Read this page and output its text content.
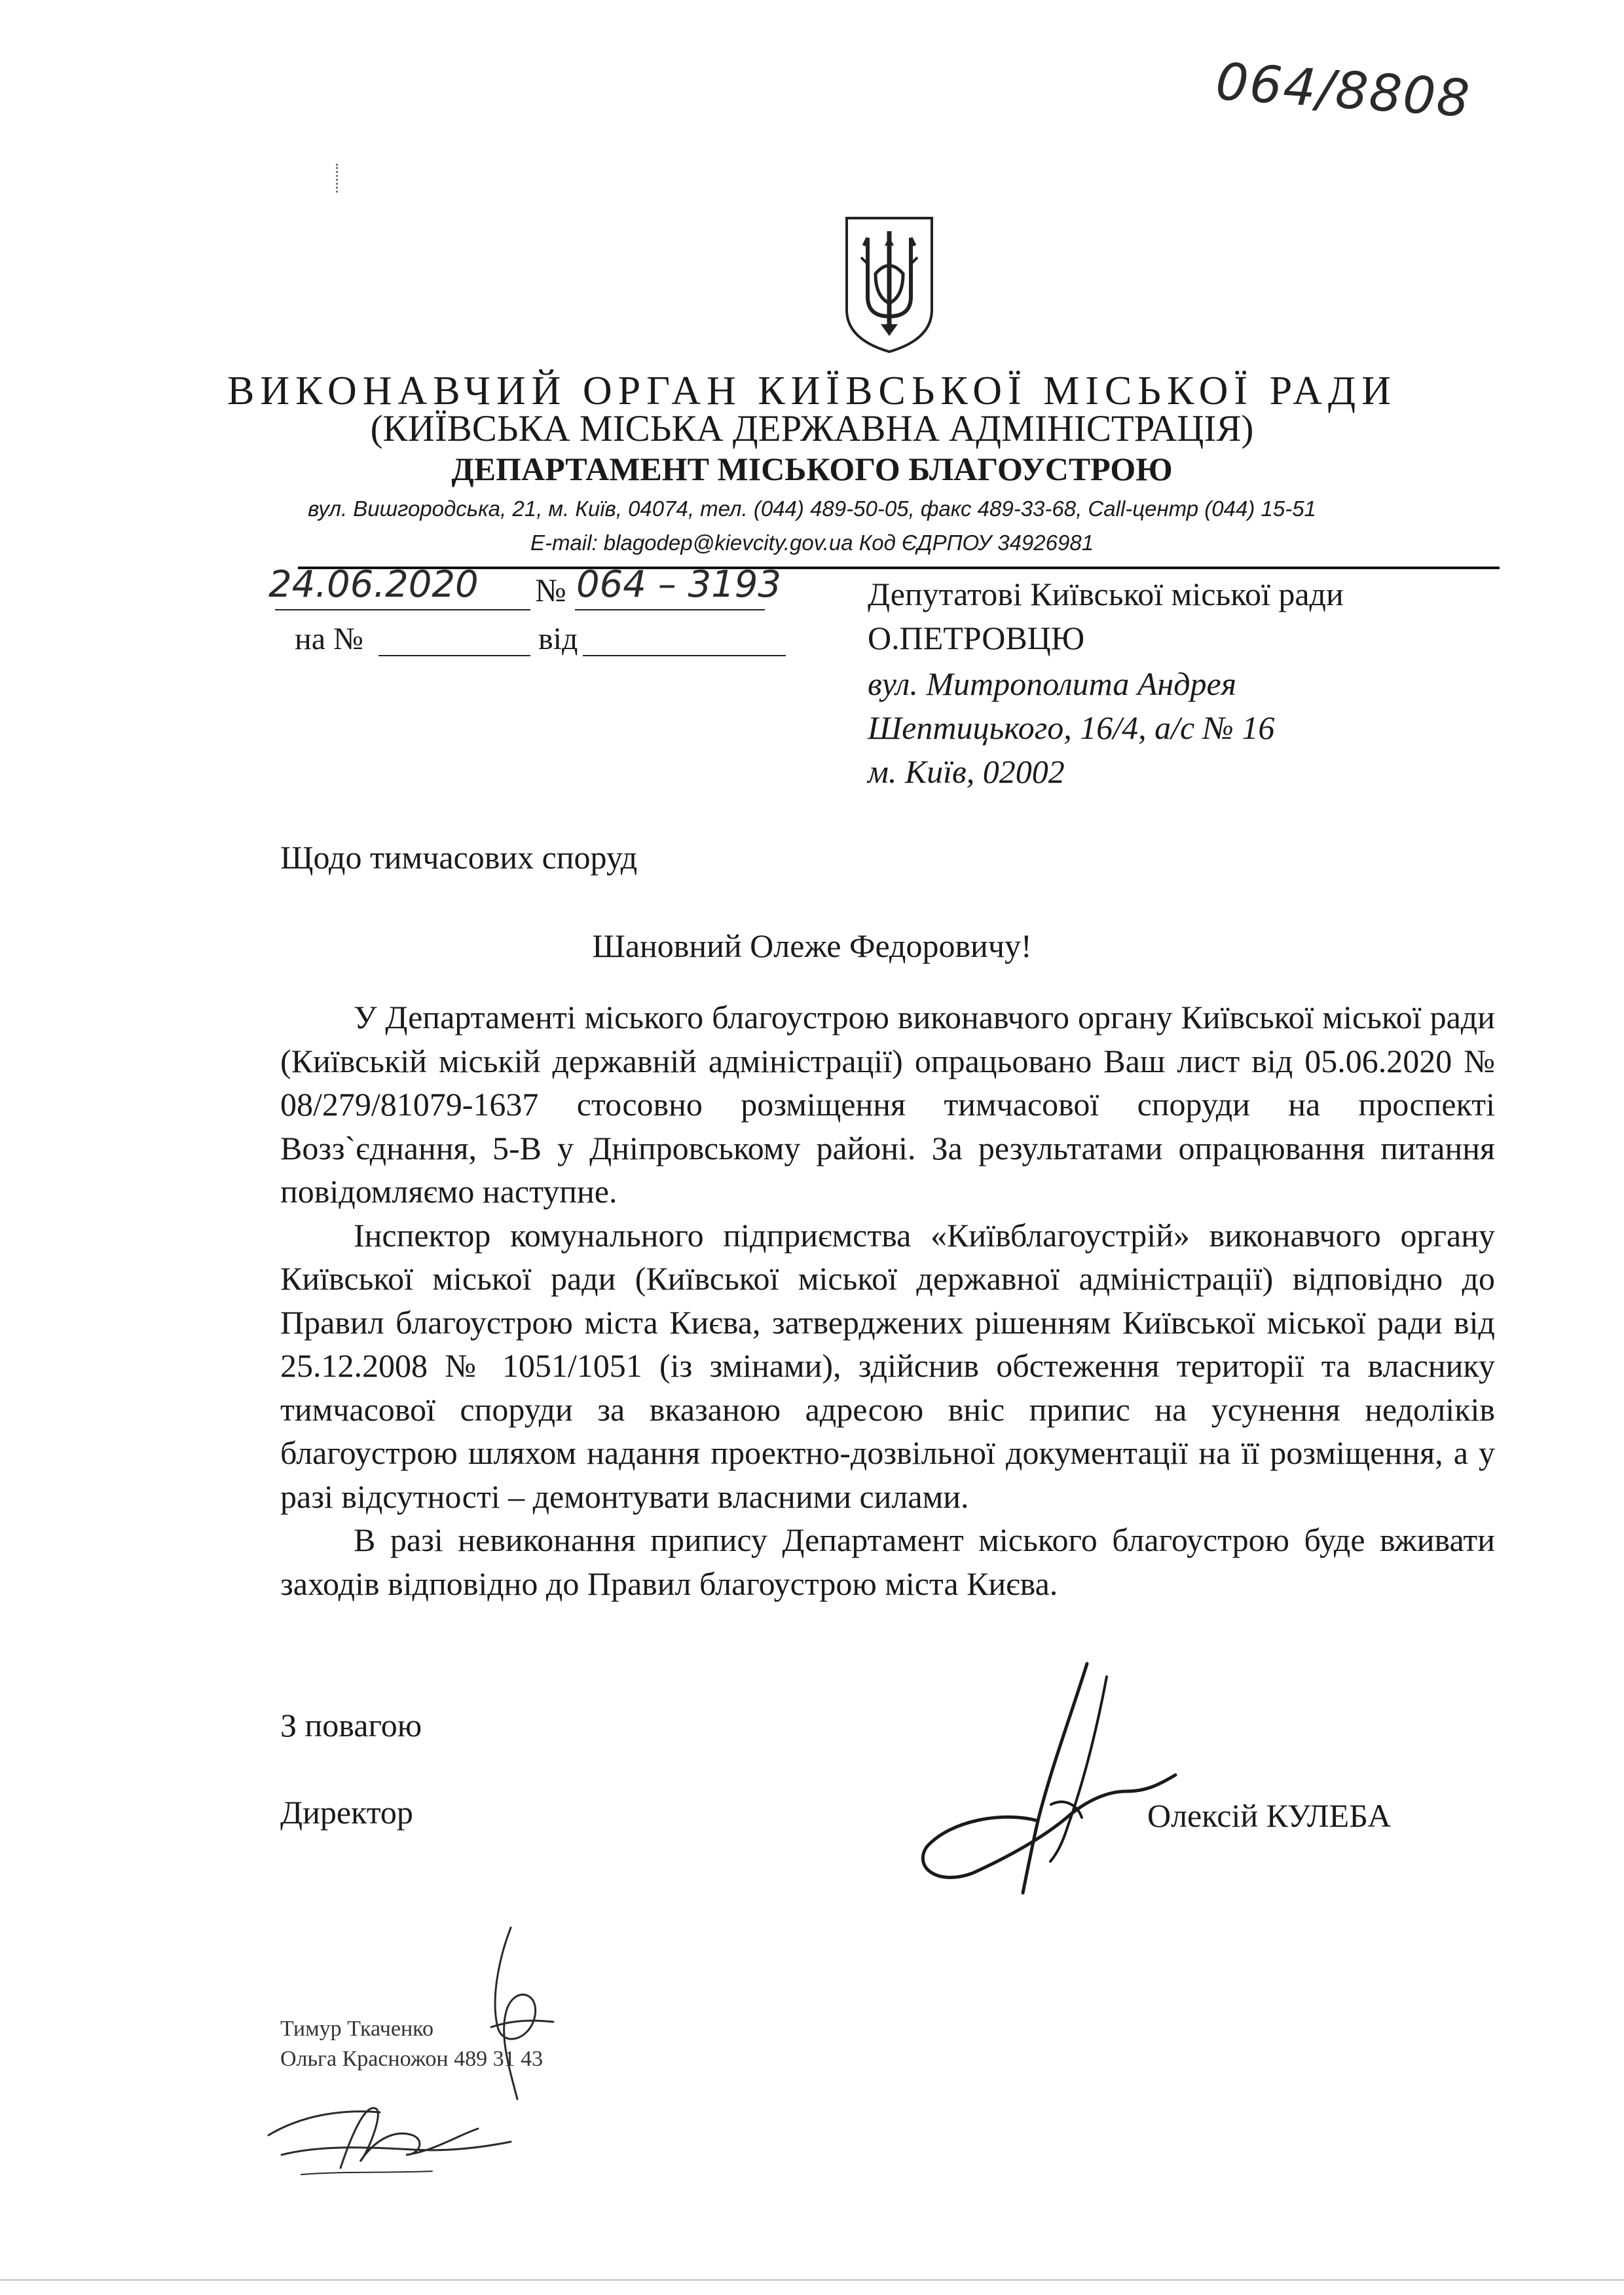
064/8808
ВИКОНАВЧИЙ ОРГАН КИЇВСЬКОЇ МІСЬКОЇ РАДИ
(КИЇВСЬКА МІСЬКА ДЕРЖАВНА АДМІНІСТРАЦІЯ)
ДЕПАРТАМЕНТ МІСЬКОГО БЛАГОУСТРОЮ
вул. Вишгородська, 21, м. Київ, 04074, тел. (044) 489-50-05, факс 489-33-68, Call-центр (044) 15-51
E-mail: blagodep@kievcity.gov.ua Код ЄДРПОУ 34926981
24.06.2020 № 064 – 3193
на №	від
Депутатові Київської міської ради
О.ПЕТРОВЦЮ
вул. Митрополита Андрея
Шептицького, 16/4, а/с № 16
м. Київ, 02002
Щодо тимчасових споруд
Шановний Олеже Федоровичу!

У Департаменті міського благоустрою виконавчого органу Київської міської ради (Київській міській державній адміністрації) опрацьовано Ваш лист від 05.06.2020 № 08/279/81079-1637 стосовно розміщення тимчасової споруди на проспекті Возз`єднання, 5-В у Дніпровському районі. За результатами опрацювання питання повідомляємо наступне.

Інспектор комунального підприємства «Київблагоустрій» виконавчого органу Київської міської ради (Київської міської державної адміністрації) відповідно до Правил благоустрою міста Києва, затверджених рішенням Київської міської ради від 25.12.2008 № 1051/1051 (із змінами), здійснив обстеження території та власнику тимчасової споруди за вказаною адресою вніс припис на усунення недоліків благоустрою шляхом надання проектно-дозвільної документації на її розміщення, а у разі відсутності – демонтувати власними силами.

В разі невиконання припису Департамент міського благоустрою буде вживати заходів відповідно до Правил благоустрою міста Києва.

З повагою
Директор	Олексій КУЛЕБА
Тимур Ткаченко
Ольга Красножон 489 31 43
